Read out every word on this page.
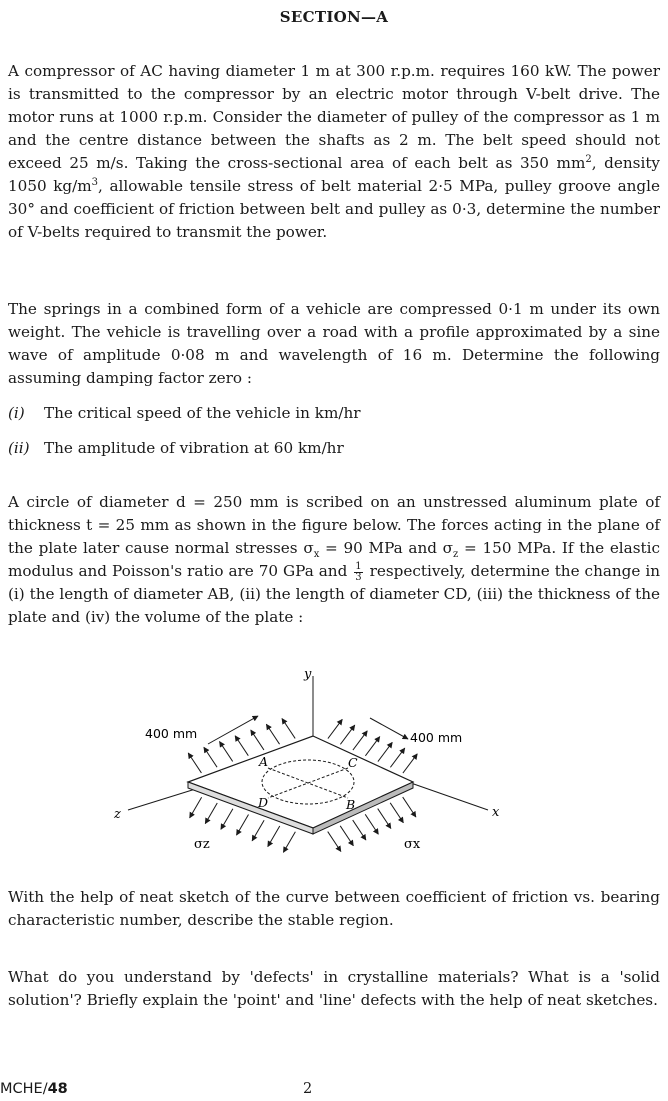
SECTION—A

A compressor of AC having diameter 1 m at 300 r.p.m. requires 160 kW. The power is transmitted to the compressor by an electric motor through V-belt drive. The motor runs at 1000 r.p.m. Consider the diameter of pulley of the compressor as 1 m and the centre distance between the shafts as 2 m. The belt speed should not exceed 25 m/s. Taking the cross-sectional area of each belt as 350 $mm^2$, density 1050 $kg/m^3$, allowable tensile stress of belt material 2·5 MPa, pulley groove angle 30° and coefficient of friction between belt and pulley as 0·3, determine the number of V-belts required to transmit the power.

The springs in a combined form of a vehicle are compressed 0·1 m under its own weight. The vehicle is travelling over a road with a profile approximated by a sine wave of amplitude 0·08 m and wavelength of 16 m. Determine the following assuming damping factor zero :

(i) The critical speed of the vehicle in km/hr
(ii) The amplitude of vibration at 60 km/hr

A circle of diameter d = 250 mm is scribed on an unstressed aluminum plate of thickness t = 25 mm as shown in the figure below. The forces acting in the plane of the plate later cause normal stresses $\sigma_x = 90$ MPa and $\sigma_z = 150$ MPa. If the elastic modulus and Poisson's ratio are 70 GPa and $\frac{1}{3}$ respectively, determine the change in (i) the length of diameter AB, (ii) the length of diameter CD, (iii) the thickness of the plate and (iv) the volume of the plate :

y
x
z
400 mm	400 mm
A	C
D	B
σz	σx

With the help of neat sketch of the curve between coefficient of friction vs. bearing characteristic number, describe the stable region.

What do you understand by 'defects' in crystalline materials? What is a 'solid solution'? Briefly explain the 'point' and 'line' defects with the help of neat sketches.

MCHE/48	2
